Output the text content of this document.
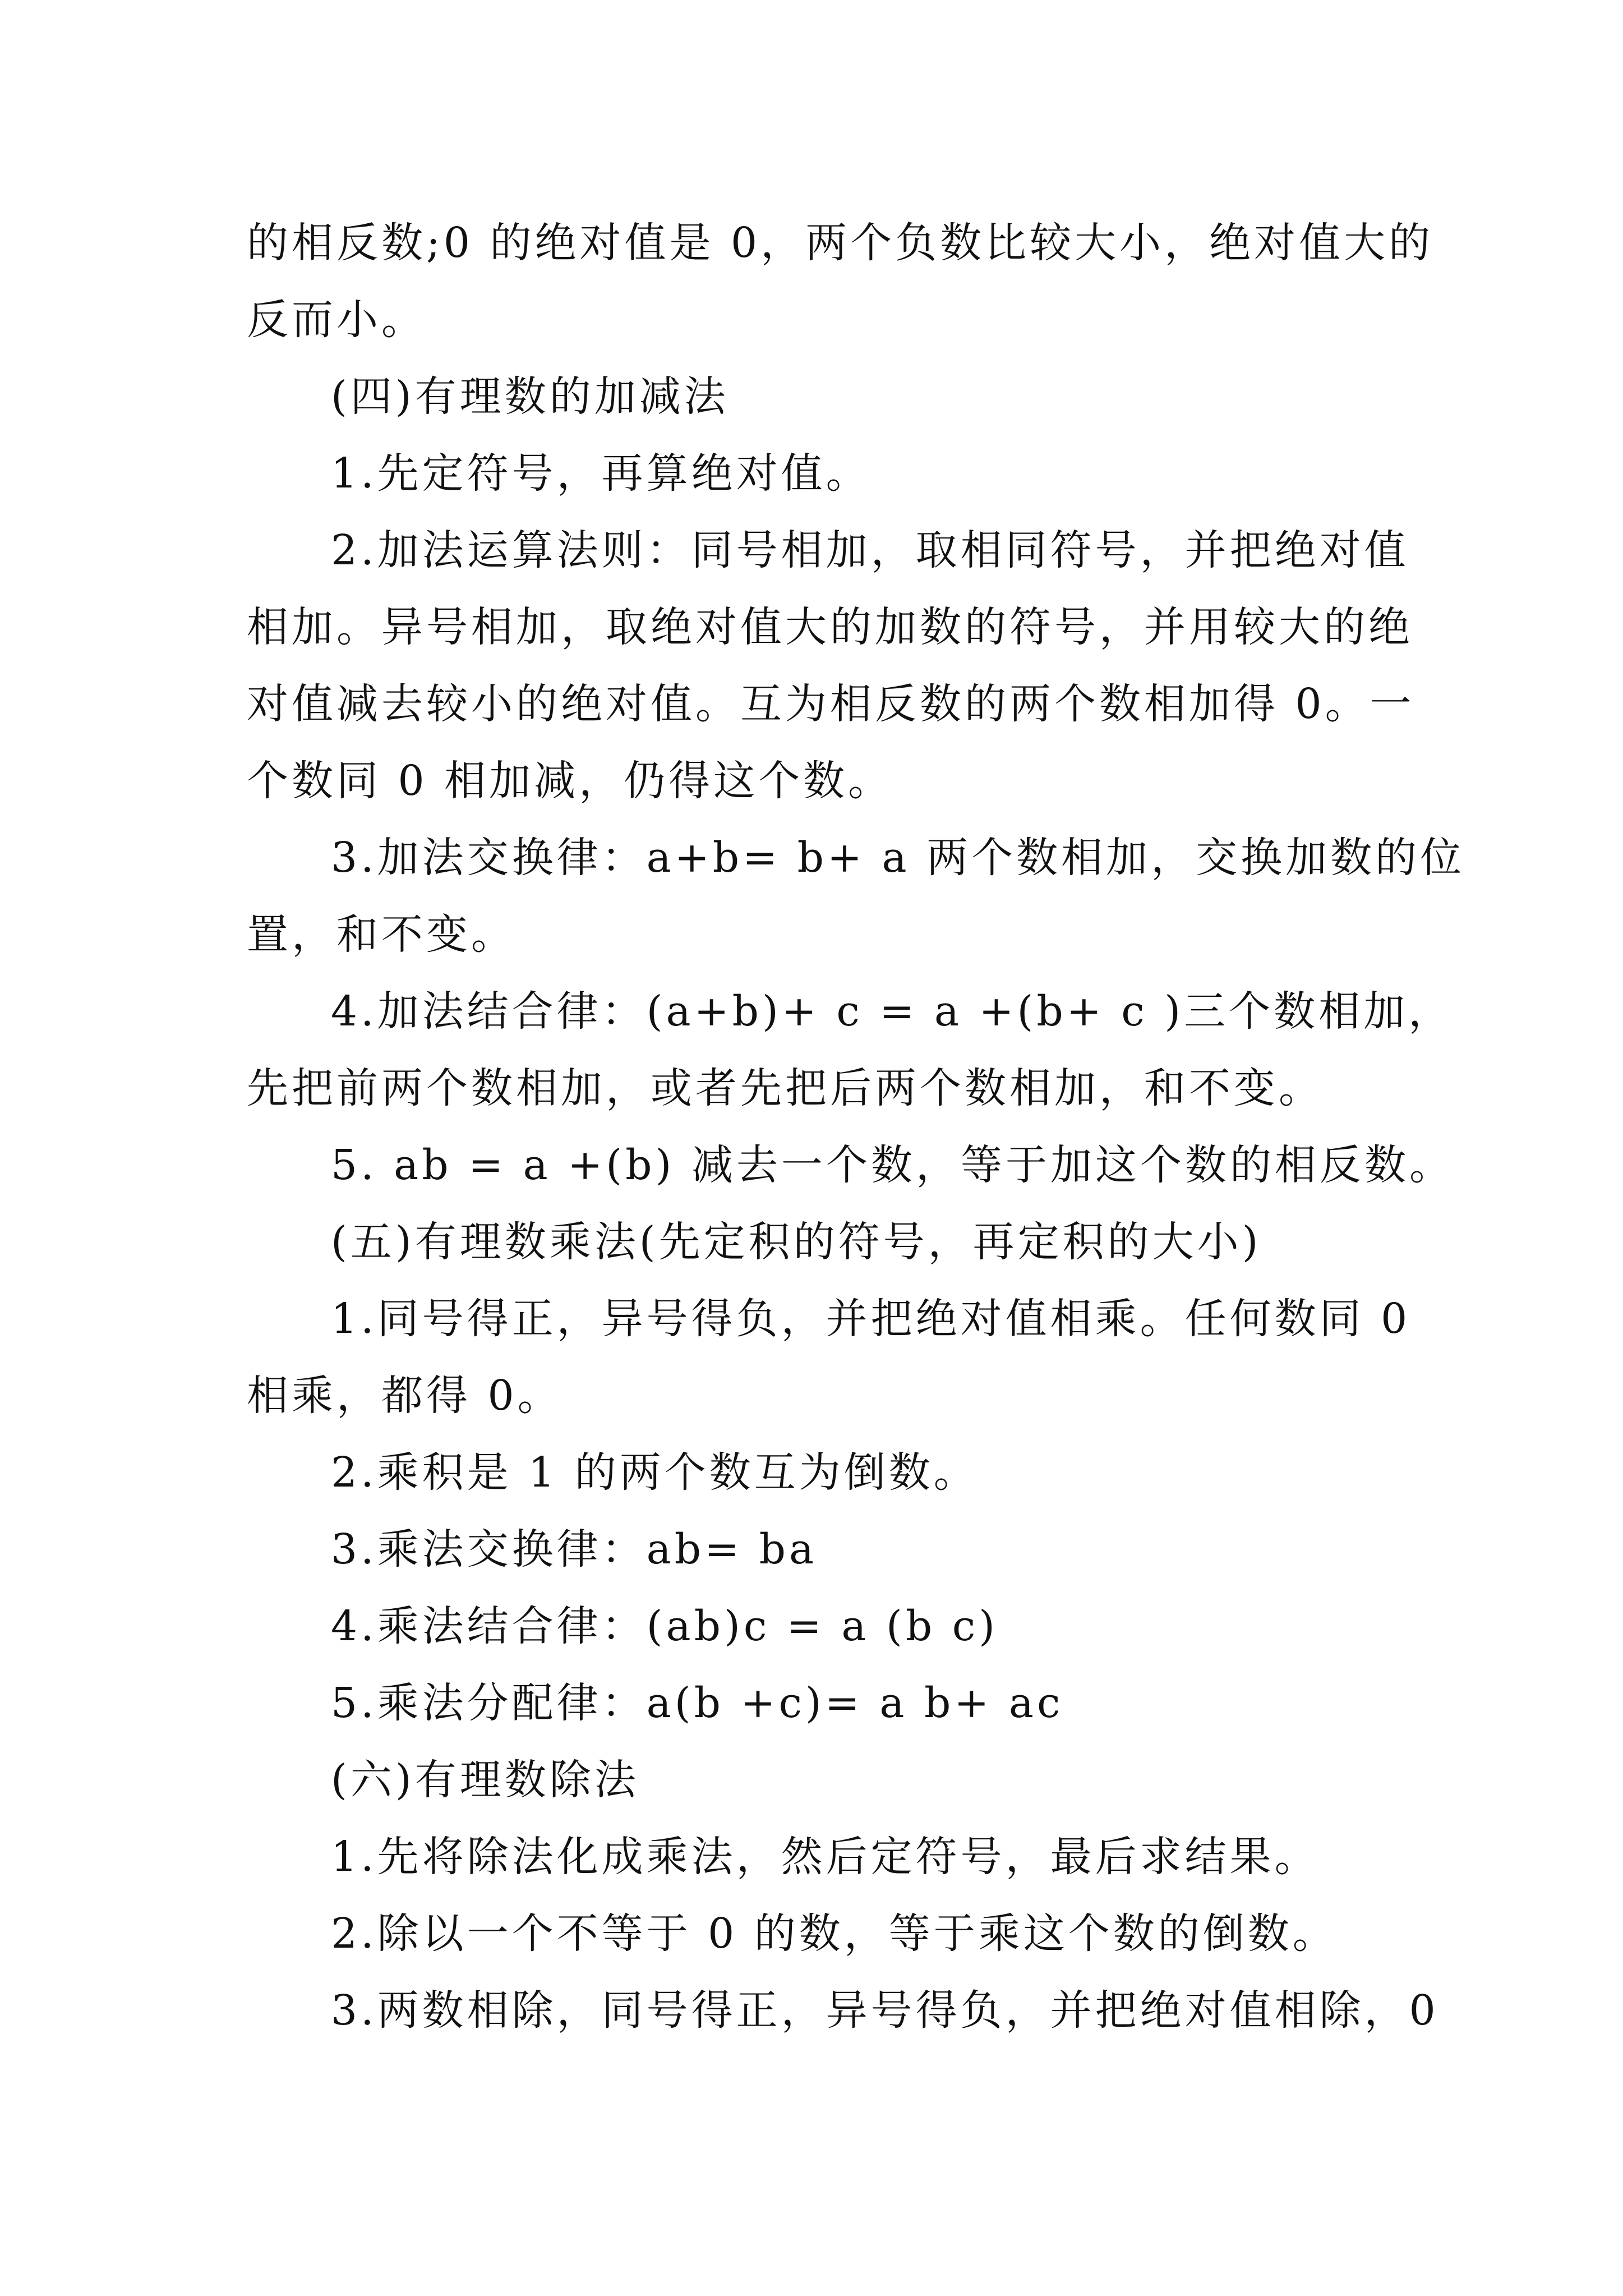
的相反数;0 的绝对值是 0，两个负数比较大小，绝对值大的
反而小。
(四)有理数的加减法
1.先定符号，再算绝对值。
2.加法运算法则：同号相加，取相同符号，并把绝对值
相加。异号相加，取绝对值大的加数的符号，并用较大的绝
对值减去较小的绝对值。互为相反数的两个数相加得 0。一
个数同 0 相加减，仍得这个数。
3.加法交换律：a+b= b+ a 两个数相加，交换加数的位
置，和不变。
4.加法结合律：(a+b)+ c = a +(b+ c )三个数相加，
先把前两个数相加，或者先把后两个数相加，和不变。
5. ab = a +(b) 减去一个数，等于加这个数的相反数。
(五)有理数乘法(先定积的符号，再定积的大小)
1.同号得正，异号得负，并把绝对值相乘。任何数同 0
相乘，都得 0。
2.乘积是 1 的两个数互为倒数。
3.乘法交换律：ab= ba
4.乘法结合律：(ab)c = a (b c)
5.乘法分配律：a(b +c)= a b+ ac
(六)有理数除法
1.先将除法化成乘法，然后定符号，最后求结果。
2.除以一个不等于 0 的数，等于乘这个数的倒数。
3.两数相除，同号得正，异号得负，并把绝对值相除，0
